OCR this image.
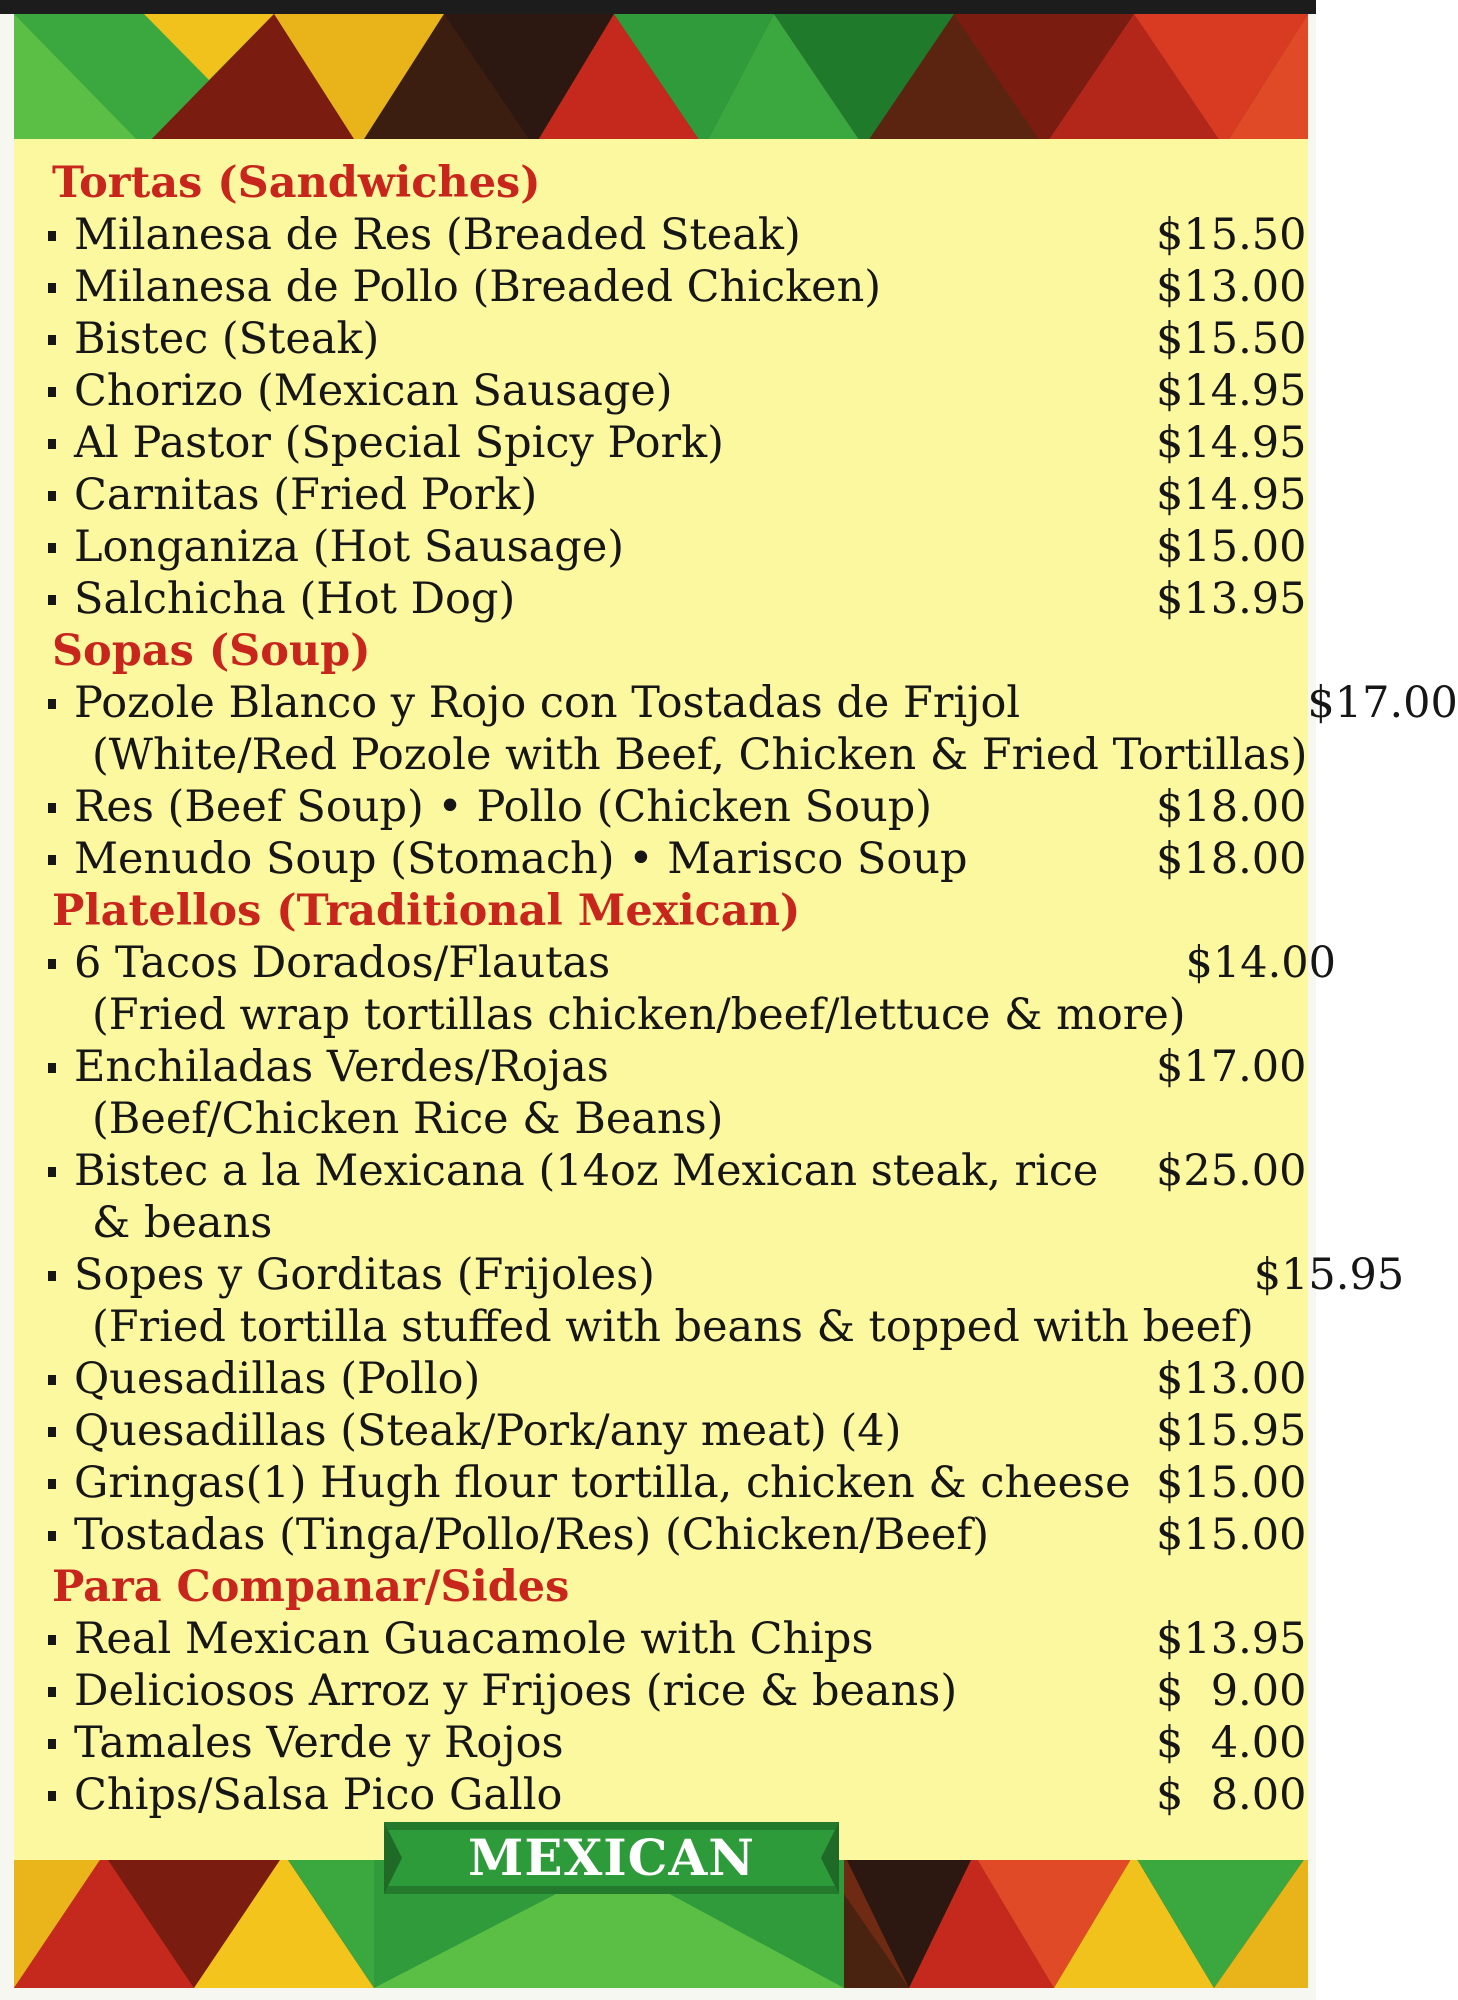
Tortas (Sandwiches)
Milanesa de Res (Breaded Steak)	$15.50
Milanesa de Pollo (Breaded Chicken)	$13.00
Bistec (Steak)	$15.50
Chorizo (Mexican Sausage)	$14.95
Al Pastor (Special Spicy Pork)	$14.95
Carnitas (Fried Pork)	$14.95
Longaniza (Hot Sausage)	$15.00
Salchicha (Hot Dog)	$13.95
Sopas (Soup)
Pozole Blanco y Rojo con Tostadas de Frijol
(White/Red Pozole with Beef, Chicken & Fried Tortillas)
$17.00
Res (Beef Soup) • Pollo (Chicken Soup)	$18.00
Menudo Soup (Stomach) • Marisco Soup	$18.00
Platellos (Traditional Mexican)
6 Tacos Dorados/Flautas
(Fried wrap tortillas chicken/beef/lettuce & more)
$14.00
Enchiladas Verdes/Rojas
(Beef/Chicken Rice & Beans)
$17.00
Bistec a la Mexicana (14oz Mexican steak, rice
& beans
$25.00
Sopes y Gorditas (Frijoles)
(Fried tortilla stuffed with beans & topped with beef)
$15.95
Quesadillas (Pollo)	$13.00
Quesadillas (Steak/Pork/any meat) (4)	$15.95
Gringas(1) Hugh flour tortilla, chicken & cheese $15.00
Tostadas (Tinga/Pollo/Res) (Chicken/Beef)	$15.00
Para Companar/Sides
Real Mexican Guacamole with Chips	$13.95
Deliciosos Arroz y Frijoes (rice & beans)	$  9.00
Tamales Verde y Rojos	$  4.00
Chips/Salsa Pico Gallo	$  8.00
MEXICAN
